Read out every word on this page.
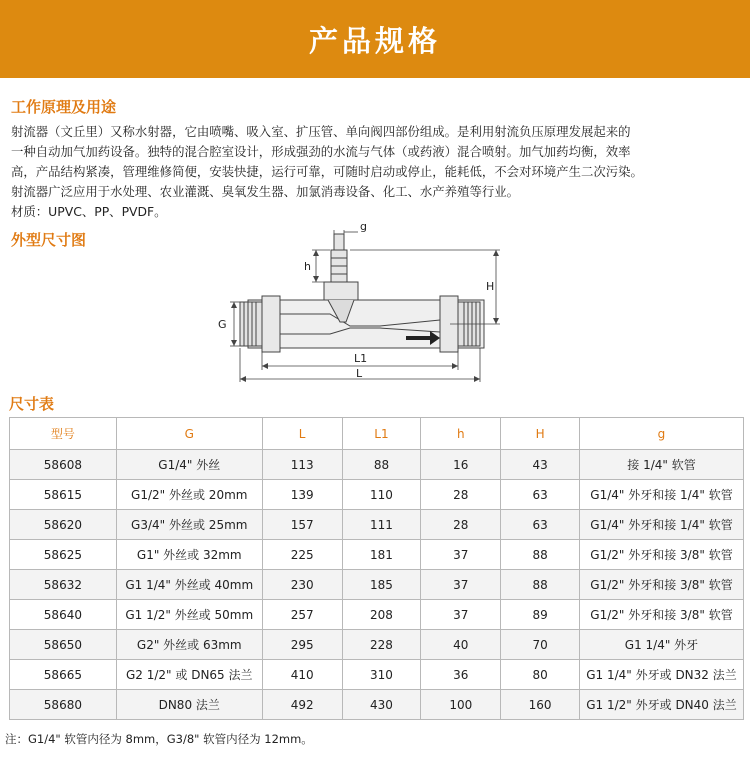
产品规格
工作原理及用途

射流器（文丘里）又称水射器，它由喷嘴、吸入室、扩压管、单向阀四部份组成。是利用射流负压原理发展起来的

一种自动加气加药设备。独特的混合腔室设计，形成强劲的水流与气体（或药液）混合喷射。加气加药均衡，效率

高，产品结构紧凑，管理维修简便，安装快捷，运行可靠，可随时启动或停止，能耗低，不会对环境产生二次污染。

射流器广泛应用于水处理、农业灌溉、臭氧发生器、加氯消毒设备、化工、水产养殖等行业。

材质：UPVC、PP、PVDF。

外型尺寸图
g
h
H
G
L1
L
尺寸表
型号	G	L	L1	h	H	g
58608	G1/4" 外丝	113	88	16	43	接 1/4" 软管
58615	G1/2" 外丝或 20mm	139	110	28	63	G1/4" 外牙和接 1/4" 软管
58620	G3/4" 外丝或 25mm	157	111	28	63	G1/4" 外牙和接 1/4" 软管
58625	G1" 外丝或 32mm	225	181	37	88	G1/2" 外牙和接 3/8" 软管
58632	G1 1/4" 外丝或 40mm	230	185	37	88	G1/2" 外牙和接 3/8" 软管
58640	G1 1/2" 外丝或 50mm	257	208	37	89	G1/2" 外牙和接 3/8" 软管
58650	G2" 外丝或 63mm	295	228	40	70	G1 1/4" 外牙
58665	G2 1/2" 或 DN65 法兰	410	310	36	80	G1 1/4" 外牙或 DN32 法兰
58680	DN80 法兰	492	430	100	160	G1 1/2" 外牙或 DN40 法兰
注：G1/4" 软管内径为 8mm，G3/8" 软管内径为 12mm。
